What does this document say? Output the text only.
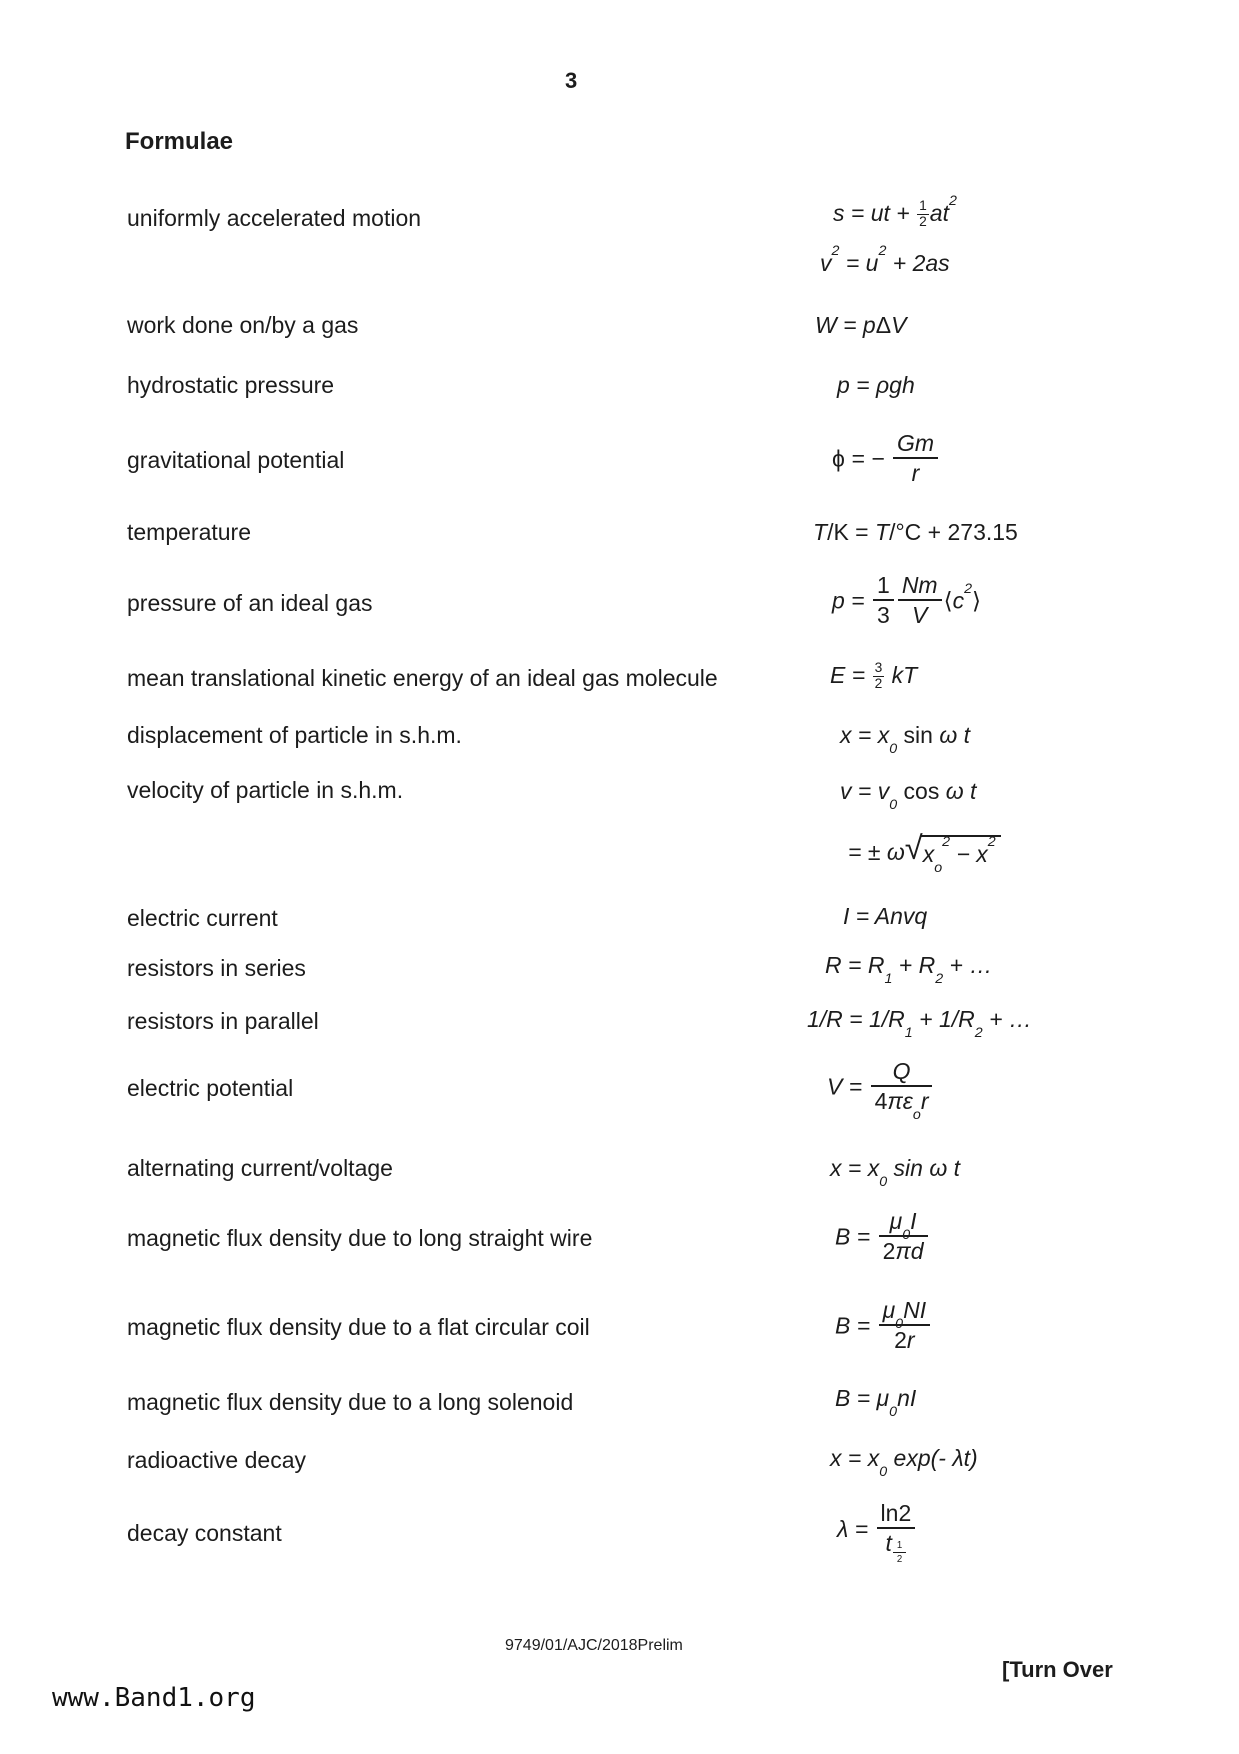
3
Formulae
uniformly accelerated motion
work done on/by a gas
hydrostatic pressure
gravitational potential
temperature
pressure of an ideal gas
mean translational kinetic energy of an ideal gas molecule
displacement of particle in s.h.m.
velocity of particle in s.h.m.
electric current
resistors in series
resistors in parallel
electric potential
alternating current/voltage
magnetic flux density due to long straight wire
magnetic flux density due to a flat circular coil
magnetic flux density due to a long solenoid
radioactive decay
decay constant
s = ut + $\frac{1}{2} at^2$
$v^2 = u^2 + 2as$
W = pΔV
p = ρgh
ϕ = − $\frac{Gm}{r}$
T/K = T/°C + 273.15
$p = \frac{1}{3} \frac{Nm}{V}$ $⟨c^2⟩$
$E = \frac{3}{2}$ kT
$x = x_0$ sin ω t
$v = v_0$ cos ω t
= ± ω √ $x_o^2 - x^2$
I = Anvq
$R = R_1 + R_2$ + …
$1/R = 1/R_1 + 1/R_2$ + …
$V = \frac{Q}{4\pi\varepsilon_or}$
$x = x_0$ sin ω t
$B = \frac{\mu_0I}{2\pi d}$
$B = \frac{\mu_0NI}{2r}$
$B = \mu_0nI$
$x = x_0$ exp(- λt)
$\lambda = \frac{\ln 2}{t \frac{1}{2}}$
9749/01/AJC/2018Prelim
[Turn Over
www.Band1.org
